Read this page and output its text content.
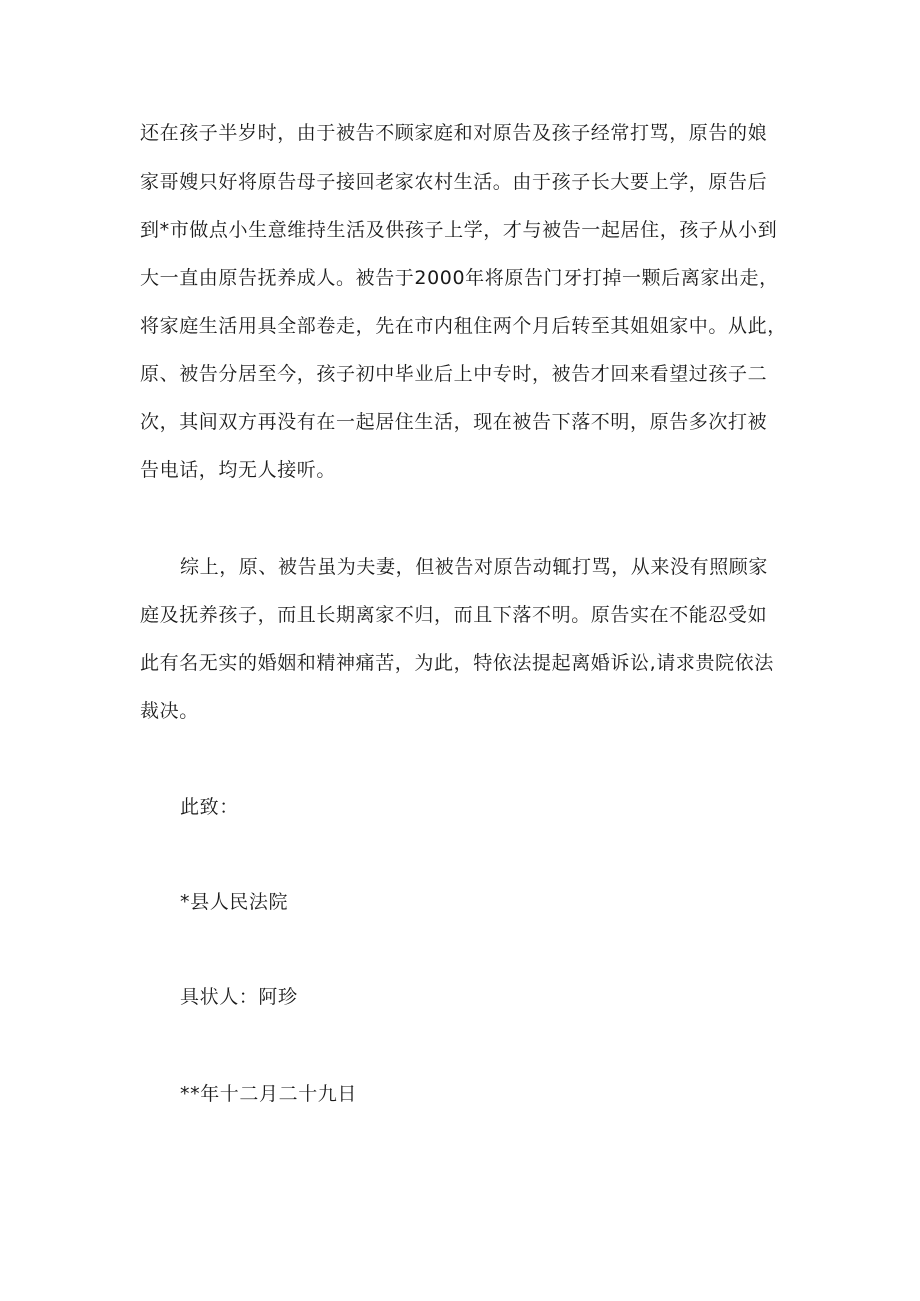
还在孩子半岁时，由于被告不顾家庭和对原告及孩子经常打骂，原告的娘
家哥嫂只好将原告母子接回老家农村生活。由于孩子长大要上学，原告后
到*市做点小生意维持生活及供孩子上学，才与被告一起居住，孩子从小到
大一直由原告抚养成人。被告于2000年将原告门牙打掉一颗后离家出走，
将家庭生活用具全部卷走，先在市内租住两个月后转至其姐姐家中。从此，
原、被告分居至今，孩子初中毕业后上中专时，被告才回来看望过孩子二
次，其间双方再没有在一起居住生活，现在被告下落不明，原告多次打被
告电话，均无人接听。
综上，原、被告虽为夫妻，但被告对原告动辄打骂，从来没有照顾家
庭及抚养孩子，而且长期离家不归，而且下落不明。原告实在不能忍受如
此有名无实的婚姻和精神痛苦，为此，特依法提起离婚诉讼,请求贵院依法
裁决。
此致：
*县人民法院
具状人：阿珍
**年十二月二十九日
